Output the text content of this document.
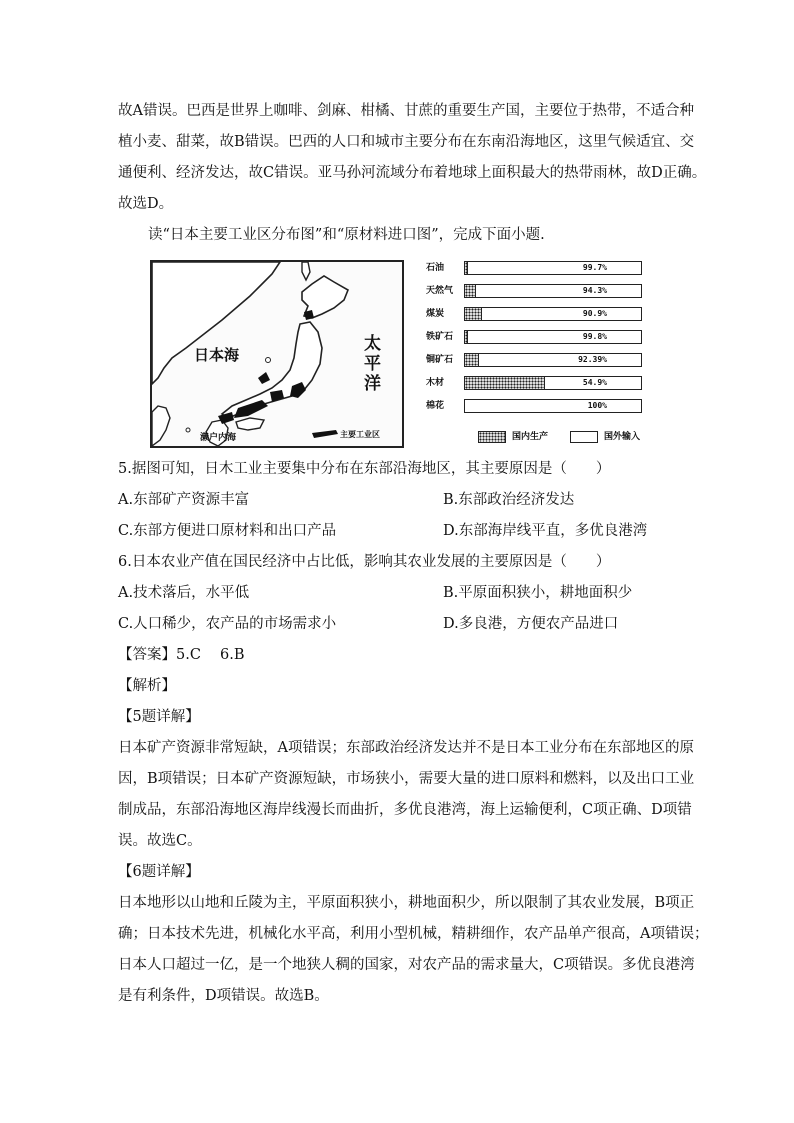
故A错误。巴西是世界上咖啡、剑麻、柑橘、甘蔗的重要生产国，主要位于热带，不适合种
植小麦、甜菜，故B错误。巴西的人口和城市主要分布在东南沿海地区，这里气候适宜、交
通便利、经济发达，故C错误。亚马孙河流域分布着地球上面积最大的热带雨林，故D正确。
故选D。
读“日本主要工业区分布图”和“原材料进口图”，完成下面小题.
日本海
太平洋
濑户内海	主要工业区
石油	99.7%
天然气	94.3%
煤炭	90.9%
铁矿石	99.8%
铜矿石	92.39%
木材	54.9%
棉花	100%
国内生产	国外输入
5.据图可知，日木工业主要集中分布在东部沿海地区，其主要原因是（　　）
A.东部矿产资源丰富	B.东部政治经济发达
C.东部方便进口原材料和出口产品	D.东部海岸线平直，多优良港湾
6.日本农业产值在国民经济中占比低，影响其农业发展的主要原因是（　　）
A.技术落后，水平低	B.平原面积狭小，耕地面积少
C.人口稀少，农产品的市场需求小	D.多良港，方便农产品进口
【答案】5.C　 6.B
【解析】
【5题详解】
日本矿产资源非常短缺，A项错误；东部政治经济发达并不是日本工业分布在东部地区的原
因，B项错误；日本矿产资源短缺，市场狭小，需要大量的进口原料和燃料，以及出口工业
制成品，东部沿海地区海岸线漫长而曲折，多优良港湾，海上运输便利，C项正确、D项错
误。故选C。
【6题详解】
日本地形以山地和丘陵为主，平原面积狭小，耕地面积少，所以限制了其农业发展，B项正
确；日本技术先进，机械化水平高，利用小型机械，精耕细作，农产品单产很高，A项错误；
日本人口超过一亿，是一个地狭人稠的国家，对农产品的需求量大，C项错误。多优良港湾
是有利条件，D项错误。故选B。
